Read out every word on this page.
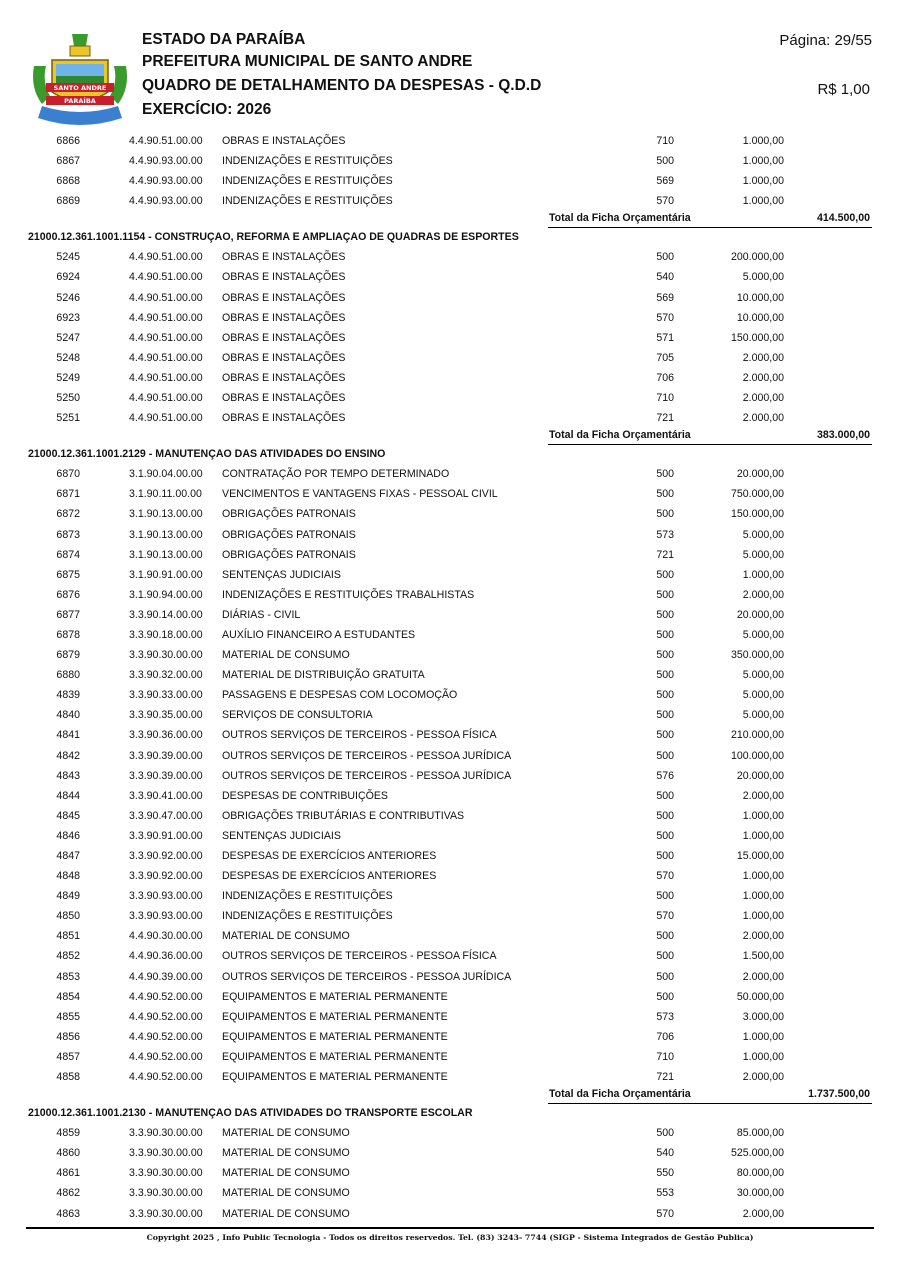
SANTO ANDRE
PARAÍBA
ESTADO DA PARAÍBA
PREFEITURA MUNICIPAL DE SANTO ANDRE
QUADRO DE DETALHAMENTO DA DESPESAS - Q.D.D
EXERCÍCIO: 2026
Página: 29/55
R$ 1,00
6866	4.4.90.51.00.00 OBRAS E INSTALAÇÕES	710	1.000,00
6867	4.4.90.93.00.00 INDENIZAÇÕES E RESTITUIÇÕES	500	1.000,00
6868	4.4.90.93.00.00 INDENIZAÇÕES E RESTITUIÇÕES	569	1.000,00
6869	4.4.90.93.00.00 INDENIZAÇÕES E RESTITUIÇÕES	570	1.000,00
Total da Ficha Orçamentária	414.500,00
21000.12.361.1001.1154 - CONSTRUÇAO, REFORMA E AMPLIAÇAO DE QUADRAS DE ESPORTES
5245	4.4.90.51.00.00 OBRAS E INSTALAÇÕES	500	200.000,00
6924	4.4.90.51.00.00 OBRAS E INSTALAÇÕES	540	5.000,00
5246	4.4.90.51.00.00 OBRAS E INSTALAÇÕES	569	10.000,00
6923	4.4.90.51.00.00 OBRAS E INSTALAÇÕES	570	10.000,00
5247	4.4.90.51.00.00 OBRAS E INSTALAÇÕES	571	150.000,00
5248	4.4.90.51.00.00 OBRAS E INSTALAÇÕES	705	2.000,00
5249	4.4.90.51.00.00 OBRAS E INSTALAÇÕES	706	2.000,00
5250	4.4.90.51.00.00 OBRAS E INSTALAÇÕES	710	2.000,00
5251	4.4.90.51.00.00 OBRAS E INSTALAÇÕES	721	2.000,00
Total da Ficha Orçamentária	383.000,00
21000.12.361.1001.2129 - MANUTENÇAO DAS ATIVIDADES DO ENSINO
6870	3.1.90.04.00.00 CONTRATAÇÃO POR TEMPO DETERMINADO	500	20.000,00
6871	3.1.90.11.00.00 VENCIMENTOS E VANTAGENS FIXAS - PESSOAL CIVIL	500	750.000,00
6872	3.1.90.13.00.00 OBRIGAÇÕES PATRONAIS	500	150.000,00
6873	3.1.90.13.00.00 OBRIGAÇÕES PATRONAIS	573	5.000,00
6874	3.1.90.13.00.00 OBRIGAÇÕES PATRONAIS	721	5.000,00
6875	3.1.90.91.00.00 SENTENÇAS JUDICIAIS	500	1.000,00
6876	3.1.90.94.00.00 INDENIZAÇÕES E RESTITUIÇÕES TRABALHISTAS	500	2.000,00
6877	3.3.90.14.00.00 DIÁRIAS - CIVIL	500	20.000,00
6878	3.3.90.18.00.00 AUXÍLIO FINANCEIRO A ESTUDANTES	500	5.000,00
6879	3.3.90.30.00.00 MATERIAL DE CONSUMO	500	350.000,00
6880	3.3.90.32.00.00 MATERIAL DE DISTRIBUIÇÃO GRATUITA	500	5.000,00
4839	3.3.90.33.00.00 PASSAGENS E DESPESAS COM LOCOMOÇÃO	500	5.000,00
4840	3.3.90.35.00.00 SERVIÇOS DE CONSULTORIA	500	5.000,00
4841	3.3.90.36.00.00 OUTROS SERVIÇOS DE TERCEIROS - PESSOA FÍSICA	500	210.000,00
4842	3.3.90.39.00.00 OUTROS SERVIÇOS DE TERCEIROS - PESSOA JURÍDICA	500	100.000,00
4843	3.3.90.39.00.00 OUTROS SERVIÇOS DE TERCEIROS - PESSOA JURÍDICA	576	20.000,00
4844	3.3.90.41.00.00 DESPESAS DE CONTRIBUIÇÕES	500	2.000,00
4845	3.3.90.47.00.00 OBRIGAÇÕES TRIBUTÁRIAS E CONTRIBUTIVAS	500	1.000,00
4846	3.3.90.91.00.00 SENTENÇAS JUDICIAIS	500	1.000,00
4847	3.3.90.92.00.00 DESPESAS DE EXERCÍCIOS ANTERIORES	500	15.000,00
4848	3.3.90.92.00.00 DESPESAS DE EXERCÍCIOS ANTERIORES	570	1.000,00
4849	3.3.90.93.00.00 INDENIZAÇÕES E RESTITUIÇÕES	500	1.000,00
4850	3.3.90.93.00.00 INDENIZAÇÕES E RESTITUIÇÕES	570	1.000,00
4851	4.4.90.30.00.00 MATERIAL DE CONSUMO	500	2.000,00
4852	4.4.90.36.00.00 OUTROS SERVIÇOS DE TERCEIROS - PESSOA FÍSICA	500	1.500,00
4853	4.4.90.39.00.00 OUTROS SERVIÇOS DE TERCEIROS - PESSOA JURÍDICA	500	2.000,00
4854	4.4.90.52.00.00 EQUIPAMENTOS E MATERIAL PERMANENTE	500	50.000,00
4855	4.4.90.52.00.00 EQUIPAMENTOS E MATERIAL PERMANENTE	573	3.000,00
4856	4.4.90.52.00.00 EQUIPAMENTOS E MATERIAL PERMANENTE	706	1.000,00
4857	4.4.90.52.00.00 EQUIPAMENTOS E MATERIAL PERMANENTE	710	1.000,00
4858	4.4.90.52.00.00 EQUIPAMENTOS E MATERIAL PERMANENTE	721	2.000,00
Total da Ficha Orçamentária	1.737.500,00
21000.12.361.1001.2130 - MANUTENÇAO DAS ATIVIDADES DO TRANSPORTE ESCOLAR
4859	3.3.90.30.00.00 MATERIAL DE CONSUMO	500	85.000,00
4860	3.3.90.30.00.00 MATERIAL DE CONSUMO	540	525.000,00
4861	3.3.90.30.00.00 MATERIAL DE CONSUMO	550	80.000,00
4862	3.3.90.30.00.00 MATERIAL DE CONSUMO	553	30.000,00
4863	3.3.90.30.00.00 MATERIAL DE CONSUMO	570	2.000,00
Copyright 2025 , Info Public Tecnologia - Todos os direitos reservedos. Tel. (83) 3243- 7744 (SIGP - Sistema Integrados de Gestão Publica)
